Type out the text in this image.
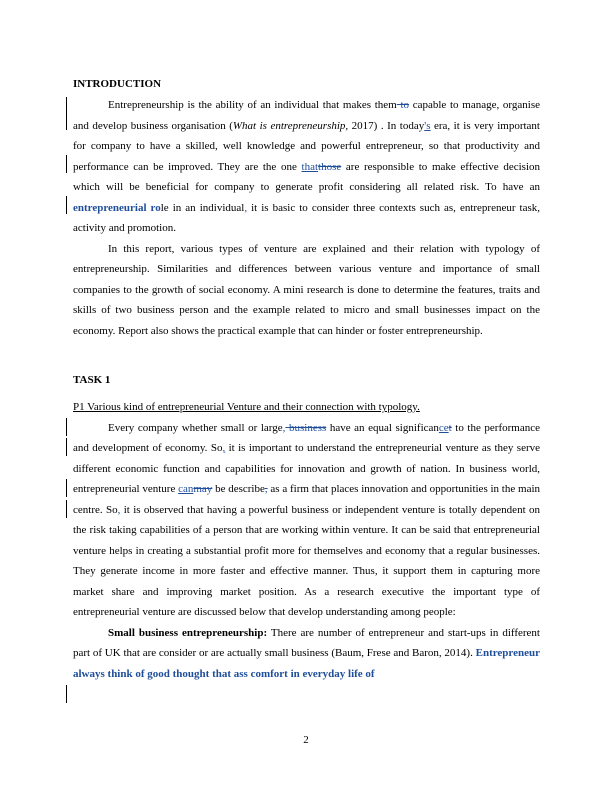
INTRODUCTION

Entrepreneurship is the ability of an individual that makes them to capable to manage, organise and develop business organisation (What is entrepreneurship, 2017) . In today's era, it is very important for company to have a skilled, well knowledge and powerful entrepreneur, so that productivity and performance can be improved. They are the one thatthose are responsible to make effective decision which will be beneficial for company to generate profit considering all related risk. To have an entrepreneurial role in an individual, it is basic to consider three contexts such as, entrepreneur task, activity and promotion.

In this report, various types of venture are explained and their relation with typology of entrepreneurship. Similarities and differences between various venture and importance of small companies to the growth of social economy. A mini research is done to determine the features, traits and skills of two business person and the example related to micro and small businesses impact on the economy. Report also shows the practical example that can hinder or foster entrepreneurship.

TASK 1

P1 Various kind of entrepreneurial Venture and their connection with typology.

Every company whether small or large, business have an equal significancet to the performance and development of economy. So, it is important to understand the entrepreneurial venture as they serve different economic function and capabilities for innovation and growth of nation. In business world, entrepreneurial venture canmay be describe, as a firm that places innovation and opportunities in the main centre. So, it is observed that having a powerful business or independent venture is totally dependent on the risk taking capabilities of a person that are working within venture. It can be said that entrepreneurial venture helps in creating a substantial profit more for themselves and economy that a regular businesses. They generate income in more faster and effective manner. Thus, it support them in capturing more market share and improving market position. As a research executive the important type of entrepreneurial venture are discussed below that develop understanding among people:

Small business entrepreneurship: There are number of entrepreneur and start-ups in different part of UK that are consider or are actually small business (Baum, Frese and Baron, 2014). Entrepreneur always think of good thought that ass comfort in everyday life of

2
